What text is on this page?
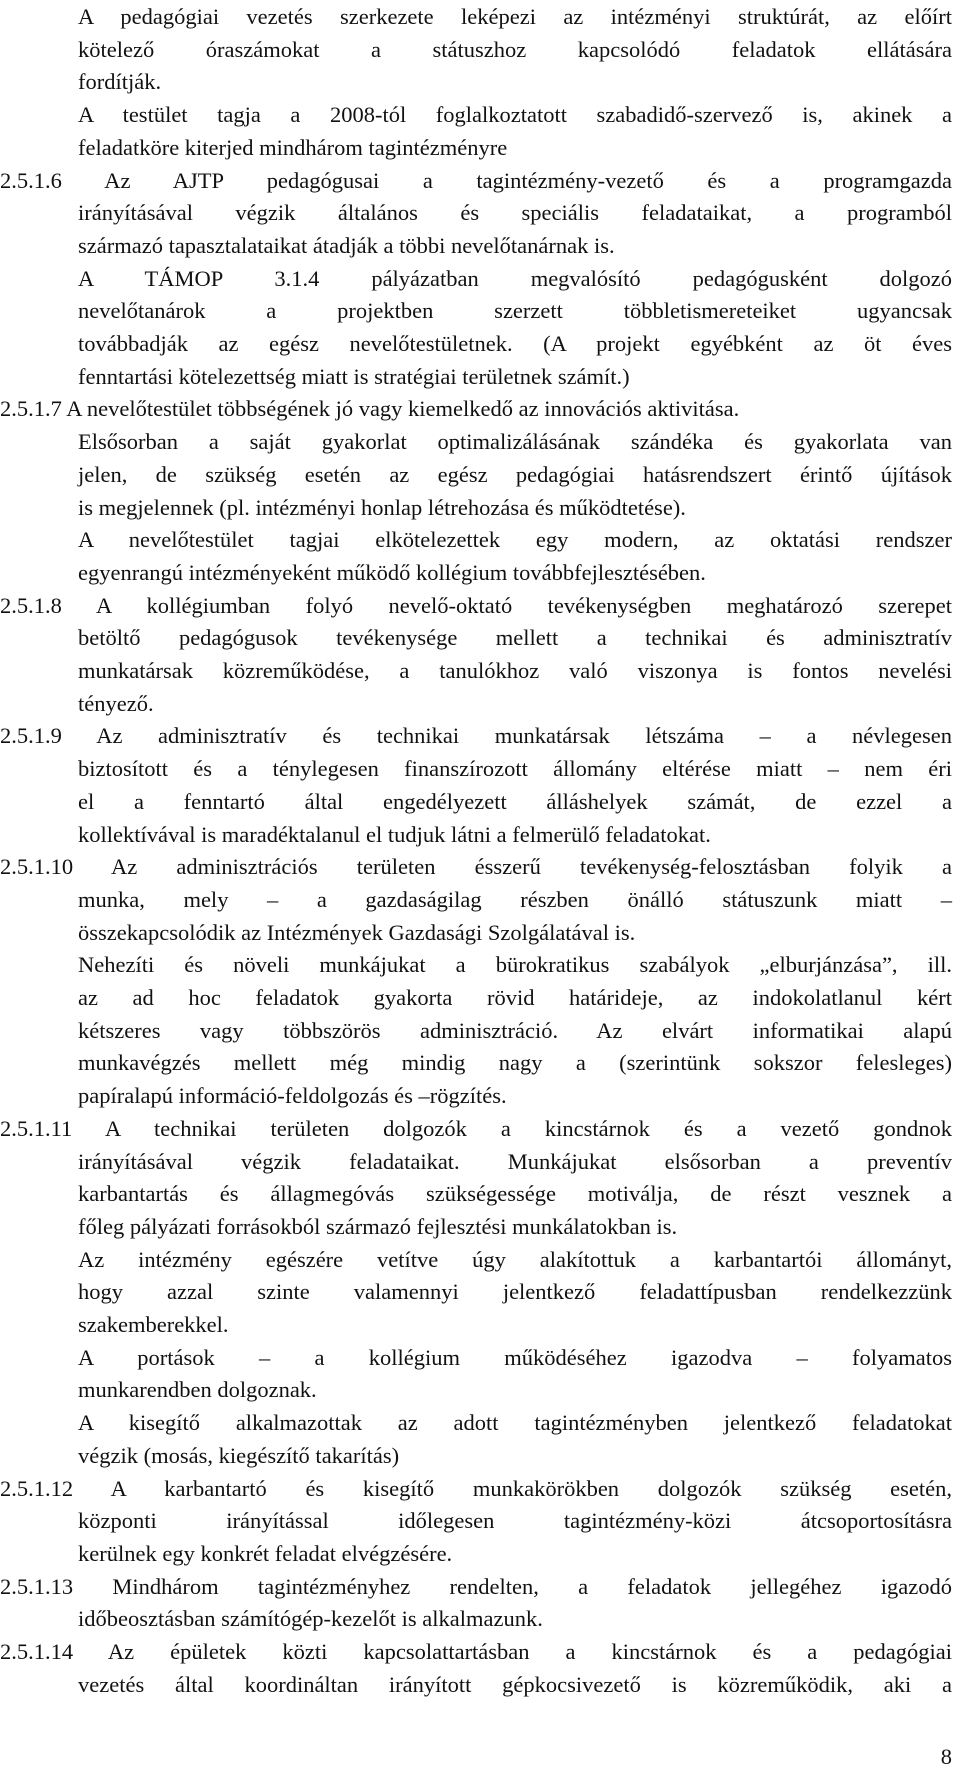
A pedagógiai vezetés szerkezete leképezi az intézményi struktúrát, az előírt
kötelező óraszámokat a státuszhoz kapcsolódó feladatok ellátására
fordítják.
A testület tagja a 2008-tól foglalkoztatott szabadidő-szervező is, akinek a
feladatköre kiterjed mindhárom tagintézményre
2.5.1.6 Az AJTP pedagógusai a tagintézmény-vezető és a programgazda
irányításával végzik általános és speciális feladataikat, a programból
származó tapasztalataikat átadják a többi nevelőtanárnak is.
A TÁMOP 3.1.4 pályázatban megvalósító pedagógusként dolgozó
nevelőtanárok a projektben szerzett többletismereteiket ugyancsak
továbbadják az egész nevelőtestületnek. (A projekt egyébként az öt éves
fenntartási kötelezettség miatt is stratégiai területnek számít.)
2.5.1.7 A nevelőtestület többségének jó vagy kiemelkedő az innovációs aktivitása.
Elsősorban a saját gyakorlat optimalizálásának szándéka és gyakorlata van
jelen, de szükség esetén az egész pedagógiai hatásrendszert érintő újítások
is megjelennek (pl. intézményi honlap létrehozása és működtetése).
A nevelőtestület tagjai elkötelezettek egy modern, az oktatási rendszer
egyenrangú intézményeként működő kollégium továbbfejlesztésében.
2.5.1.8 A kollégiumban folyó nevelő-oktató tevékenységben meghatározó szerepet
betöltő pedagógusok tevékenysége mellett a technikai és adminisztratív
munkatársak közreműködése, a tanulókhoz való viszonya is fontos nevelési
tényező.
2.5.1.9 Az adminisztratív és technikai munkatársak létszáma – a névlegesen
biztosított és a ténylegesen finanszírozott állomány eltérése miatt – nem éri
el a fenntartó által engedélyezett álláshelyek számát, de ezzel a
kollektívával is maradéktalanul el tudjuk látni a felmerülő feladatokat.
2.5.1.10 Az adminisztrációs területen ésszerű tevékenység-felosztásban folyik a
munka, mely – a gazdaságilag részben önálló státuszunk miatt –
összekapcsolódik az Intézmények Gazdasági Szolgálatával is.
Nehezíti és növeli munkájukat a bürokratikus szabályok „elburjánzása”, ill.
az ad hoc feladatok gyakorta rövid határideje, az indokolatlanul kért
kétszeres vagy többszörös adminisztráció. Az elvárt informatikai alapú
munkavégzés mellett még mindig nagy a (szerintünk sokszor felesleges)
papíralapú információ-feldolgozás és –rögzítés.
2.5.1.11 A technikai területen dolgozók a kincstárnok és a vezető gondnok
irányításával végzik feladataikat. Munkájukat elsősorban a preventív
karbantartás és állagmegóvás szükségessége motiválja, de részt vesznek a
főleg pályázati forrásokból származó fejlesztési munkálatokban is.
Az intézmény egészére vetítve úgy alakítottuk a karbantartói állományt,
hogy azzal szinte valamennyi jelentkező feladattípusban rendelkezzünk
szakemberekkel.
A portások – a kollégium működéséhez igazodva – folyamatos
munkarendben dolgoznak.
A kisegítő alkalmazottak az adott tagintézményben jelentkező feladatokat
végzik (mosás, kiegészítő takarítás)
2.5.1.12 A karbantartó és kisegítő munkakörökben dolgozók szükség esetén,
központi irányítással időlegesen tagintézmény-közi átcsoportosításra
kerülnek egy konkrét feladat elvégzésére.
2.5.1.13 Mindhárom tagintézményhez rendelten, a feladatok jellegéhez igazodó
időbeosztásban számítógép-kezelőt is alkalmazunk.
2.5.1.14 Az épületek közti kapcsolattartásban a kincstárnok és a pedagógiai
vezetés által koordináltan irányított gépkocsivezető is közreműködik, aki a
8
